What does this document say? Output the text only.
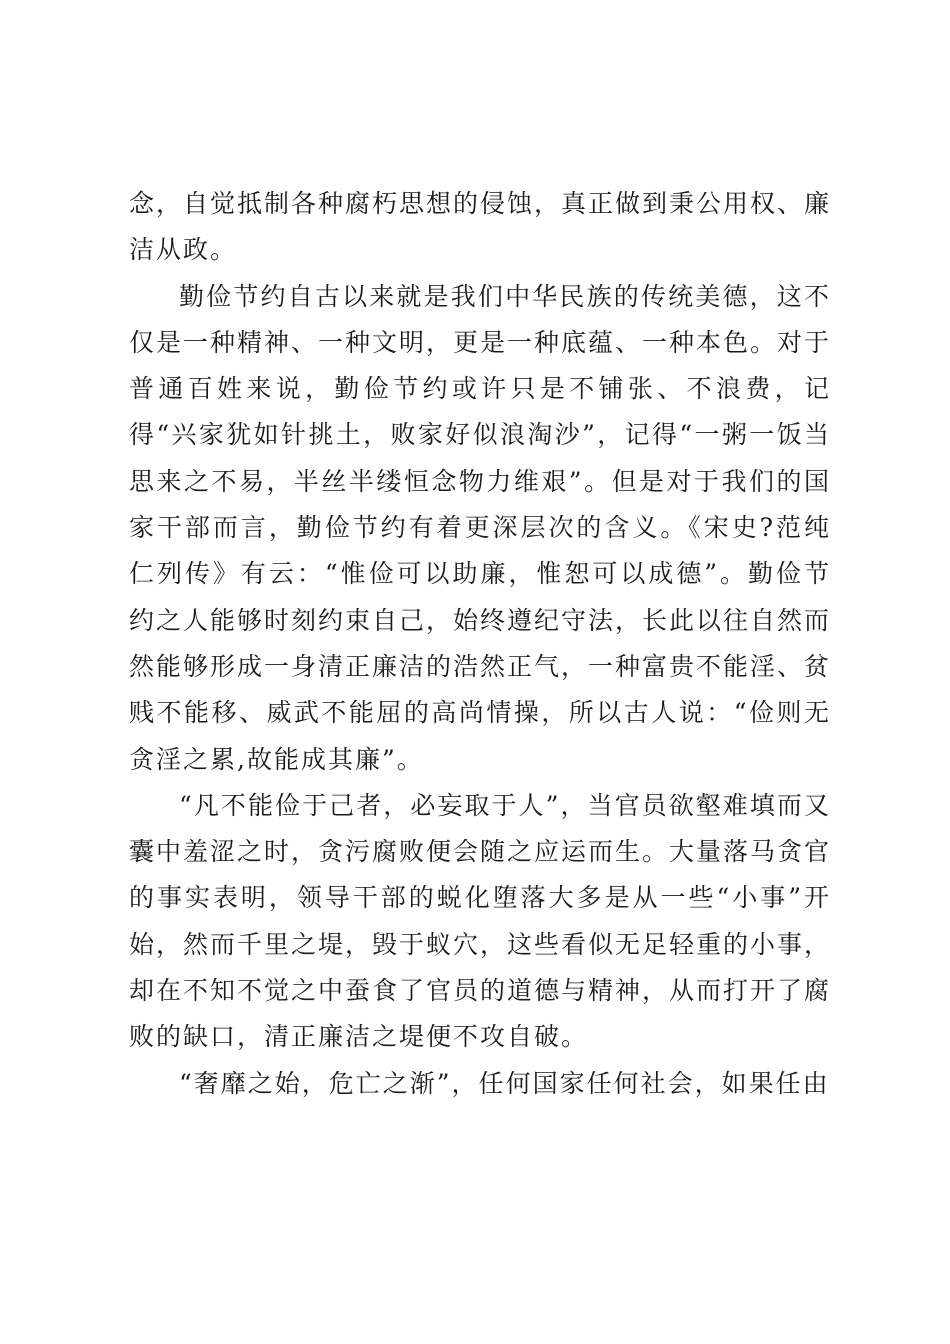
念，自觉抵制各种腐朽思想的侵蚀，真正做到秉公用权、廉洁从政。

勤俭节约自古以来就是我们中华民族的传统美德，这不仅是一种精神、一种文明，更是一种底蕴、一种本色。对于普通百姓来说，勤俭节约或许只是不铺张、不浪费，记得“兴家犹如针挑土，败家好似浪淘沙”，记得“一粥一饭当思来之不易，半丝半缕恒念物力维艰”。但是对于我们的国家干部而言，勤俭节约有着更深层次的含义。《宋史?范纯仁列传》有云：“惟俭可以助廉，惟恕可以成德”。勤俭节约之人能够时刻约束自己，始终遵纪守法，长此以往自然而然能够形成一身清正廉洁的浩然正气，一种富贵不能淫、贫贱不能移、威武不能屈的高尚情操，所以古人说：“俭则无贪淫之累,故能成其廉”。

“凡不能俭于己者，必妄取于人”，当官员欲壑难填而又囊中羞涩之时，贪污腐败便会随之应运而生。大量落马贪官的事实表明，领导干部的蜕化堕落大多是从一些“小事”开始，然而千里之堤，毁于蚁穴，这些看似无足轻重的小事，却在不知不觉之中蚕食了官员的道德与精神，从而打开了腐败的缺口，清正廉洁之堤便不攻自破。

“奢靡之始，危亡之渐”，任何国家任何社会，如果任由
